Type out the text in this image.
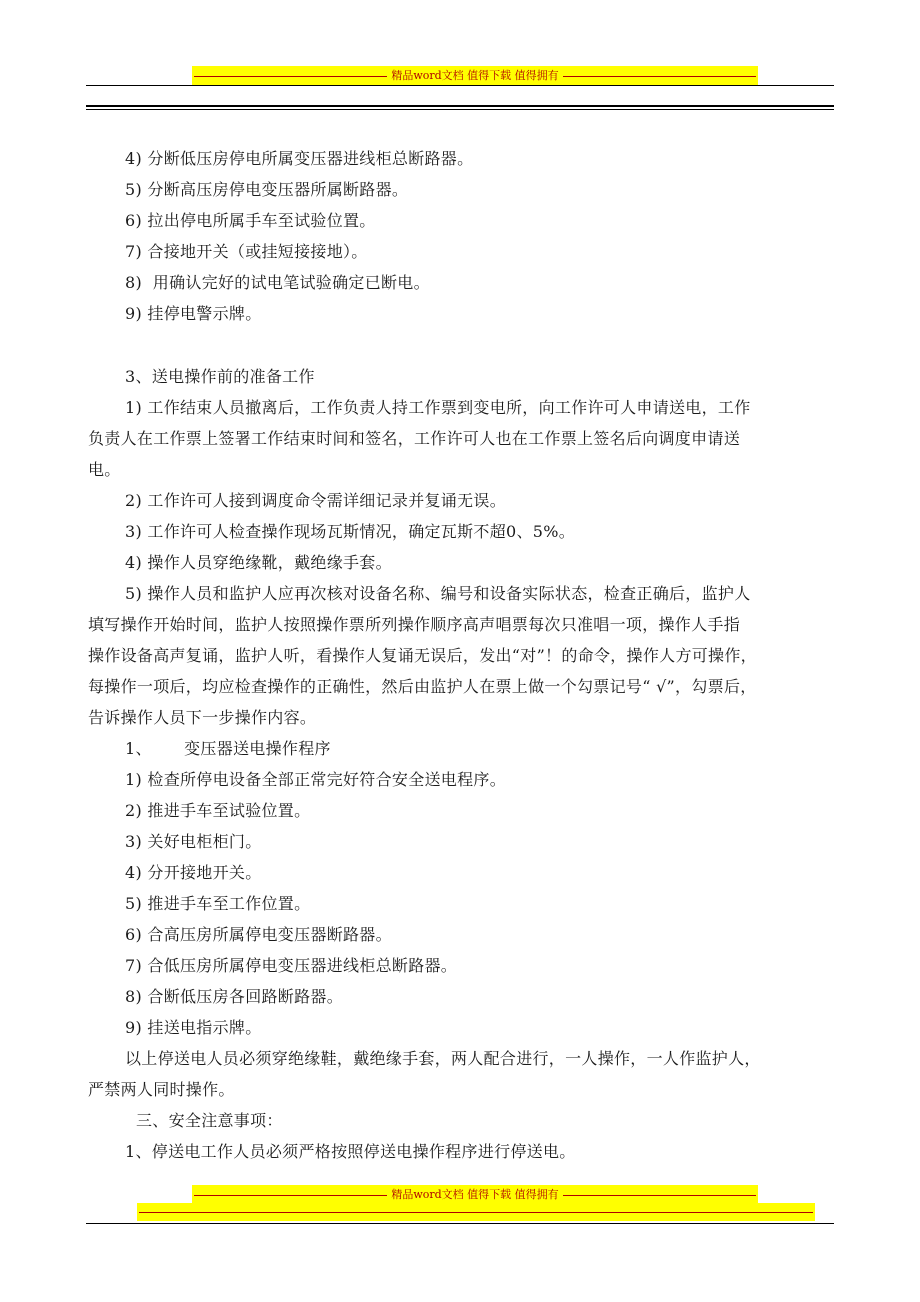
精品word文档 值得下载 值得拥有
4) 分断低压房停电所属变压器进线柜总断路器。
5) 分断高压房停电变压器所属断路器。
6) 拉出停电所属手车至试验位置。
7) 合接地开关（或挂短接接地）。
8)  用确认完好的试电笔试验确定已断电。
9) 挂停电警示牌。
3、送电操作前的准备工作
1) 工作结束人员撤离后，工作负责人持工作票到变电所，向工作许可人申请送电，工作
负责人在工作票上签署工作结束时间和签名，工作许可人也在工作票上签名后向调度申请送
电。
2) 工作许可人接到调度命令需详细记录并复诵无误。
3) 工作许可人检查操作现场瓦斯情况，确定瓦斯不超0、5%。
4) 操作人员穿绝缘靴，戴绝缘手套。
5) 操作人员和监护人应再次核对设备名称、编号和设备实际状态，检查正确后，监护人
填写操作开始时间，监护人按照操作票所列操作顺序高声唱票每次只准唱一项，操作人手指
操作设备高声复诵，监护人听，看操作人复诵无误后，发出“对”！的命令，操作人方可操作，
每操作一项后，均应检查操作的正确性，然后由监护人在票上做一个勾票记号“ √”，勾票后，
告诉操作人员下一步操作内容。
1、      变压器送电操作程序
1) 检查所停电设备全部正常完好符合安全送电程序。
2) 推进手车至试验位置。
3) 关好电柜柜门。
4) 分开接地开关。
5) 推进手车至工作位置。
6) 合高压房所属停电变压器断路器。
7) 合低压房所属停电变压器进线柜总断路器。
8) 合断低压房各回路断路器。
9) 挂送电指示牌。
以上停送电人员必须穿绝缘鞋，戴绝缘手套，两人配合进行，一人操作，一人作监护人，
严禁两人同时操作。
三、安全注意事项：
1、停送电工作人员必须严格按照停送电操作程序进行停送电。
精品word文档 值得下载 值得拥有
